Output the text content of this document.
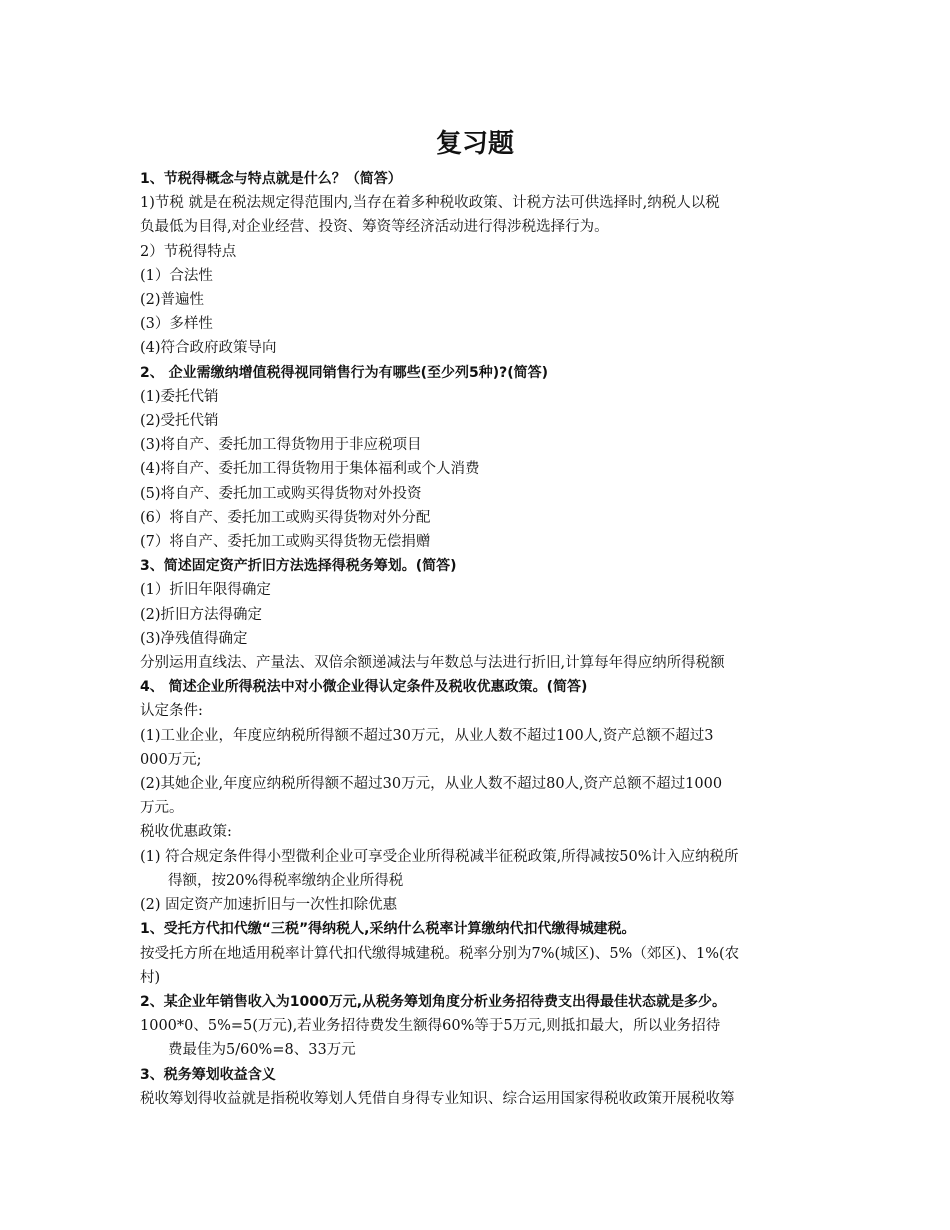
复习题
1、节税得概念与特点就是什么？（简答）
1)节税 就是在税法规定得范围内,当存在着多种税收政策、计税方法可供选择时,纳税人以税
负最低为目得,对企业经营、投资、筹资等经济活动进行得涉税选择行为。
2）节税得特点
(1）合法性
(2)普遍性
(3）多样性
(4)符合政府政策导向
2、 企业需缴纳增值税得视同销售行为有哪些(至少列5种)?(简答)
(1)委托代销
(2)受托代销
(3)将自产、委托加工得货物用于非应税项目
(4)将自产、委托加工得货物用于集体福利或个人消费
(5)将自产、委托加工或购买得货物对外投资
(6）将自产、委托加工或购买得货物对外分配
(7）将自产、委托加工或购买得货物无偿捐赠
3、简述固定资产折旧方法选择得税务筹划。(简答)
(1）折旧年限得确定
(2)折旧方法得确定
(3)净残值得确定
分别运用直线法、产量法、双倍余额递减法与年数总与法进行折旧,计算每年得应纳所得税额
4、 简述企业所得税法中对小微企业得认定条件及税收优惠政策。(简答)
认定条件:
(1)工业企业，年度应纳税所得额不超过30万元，从业人数不超过100人,资产总额不超过3
000万元;
(2)其她企业,年度应纳税所得额不超过30万元，从业人数不超过80人,资产总额不超过1000
万元。
税收优惠政策:
(1) 符合规定条件得小型微利企业可享受企业所得税减半征税政策,所得减按50%计入应纳税所
得额，按20%得税率缴纳企业所得税
(2) 固定资产加速折旧与一次性扣除优惠
1、受托方代扣代缴“三税”得纳税人,采纳什么税率计算缴纳代扣代缴得城建税。
按受托方所在地适用税率计算代扣代缴得城建税。税率分别为7%(城区)、5%（郊区)、1%(农
村)
2、某企业年销售收入为1000万元,从税务筹划角度分析业务招待费支出得最佳状态就是多少。
1000*0、5%=5(万元),若业务招待费发生额得60%等于5万元,则抵扣最大，所以业务招待
费最佳为5/60%=8、33万元
3、税务筹划收益含义
税收筹划得收益就是指税收筹划人凭借自身得专业知识、综合运用国家得税收政策开展税收筹
